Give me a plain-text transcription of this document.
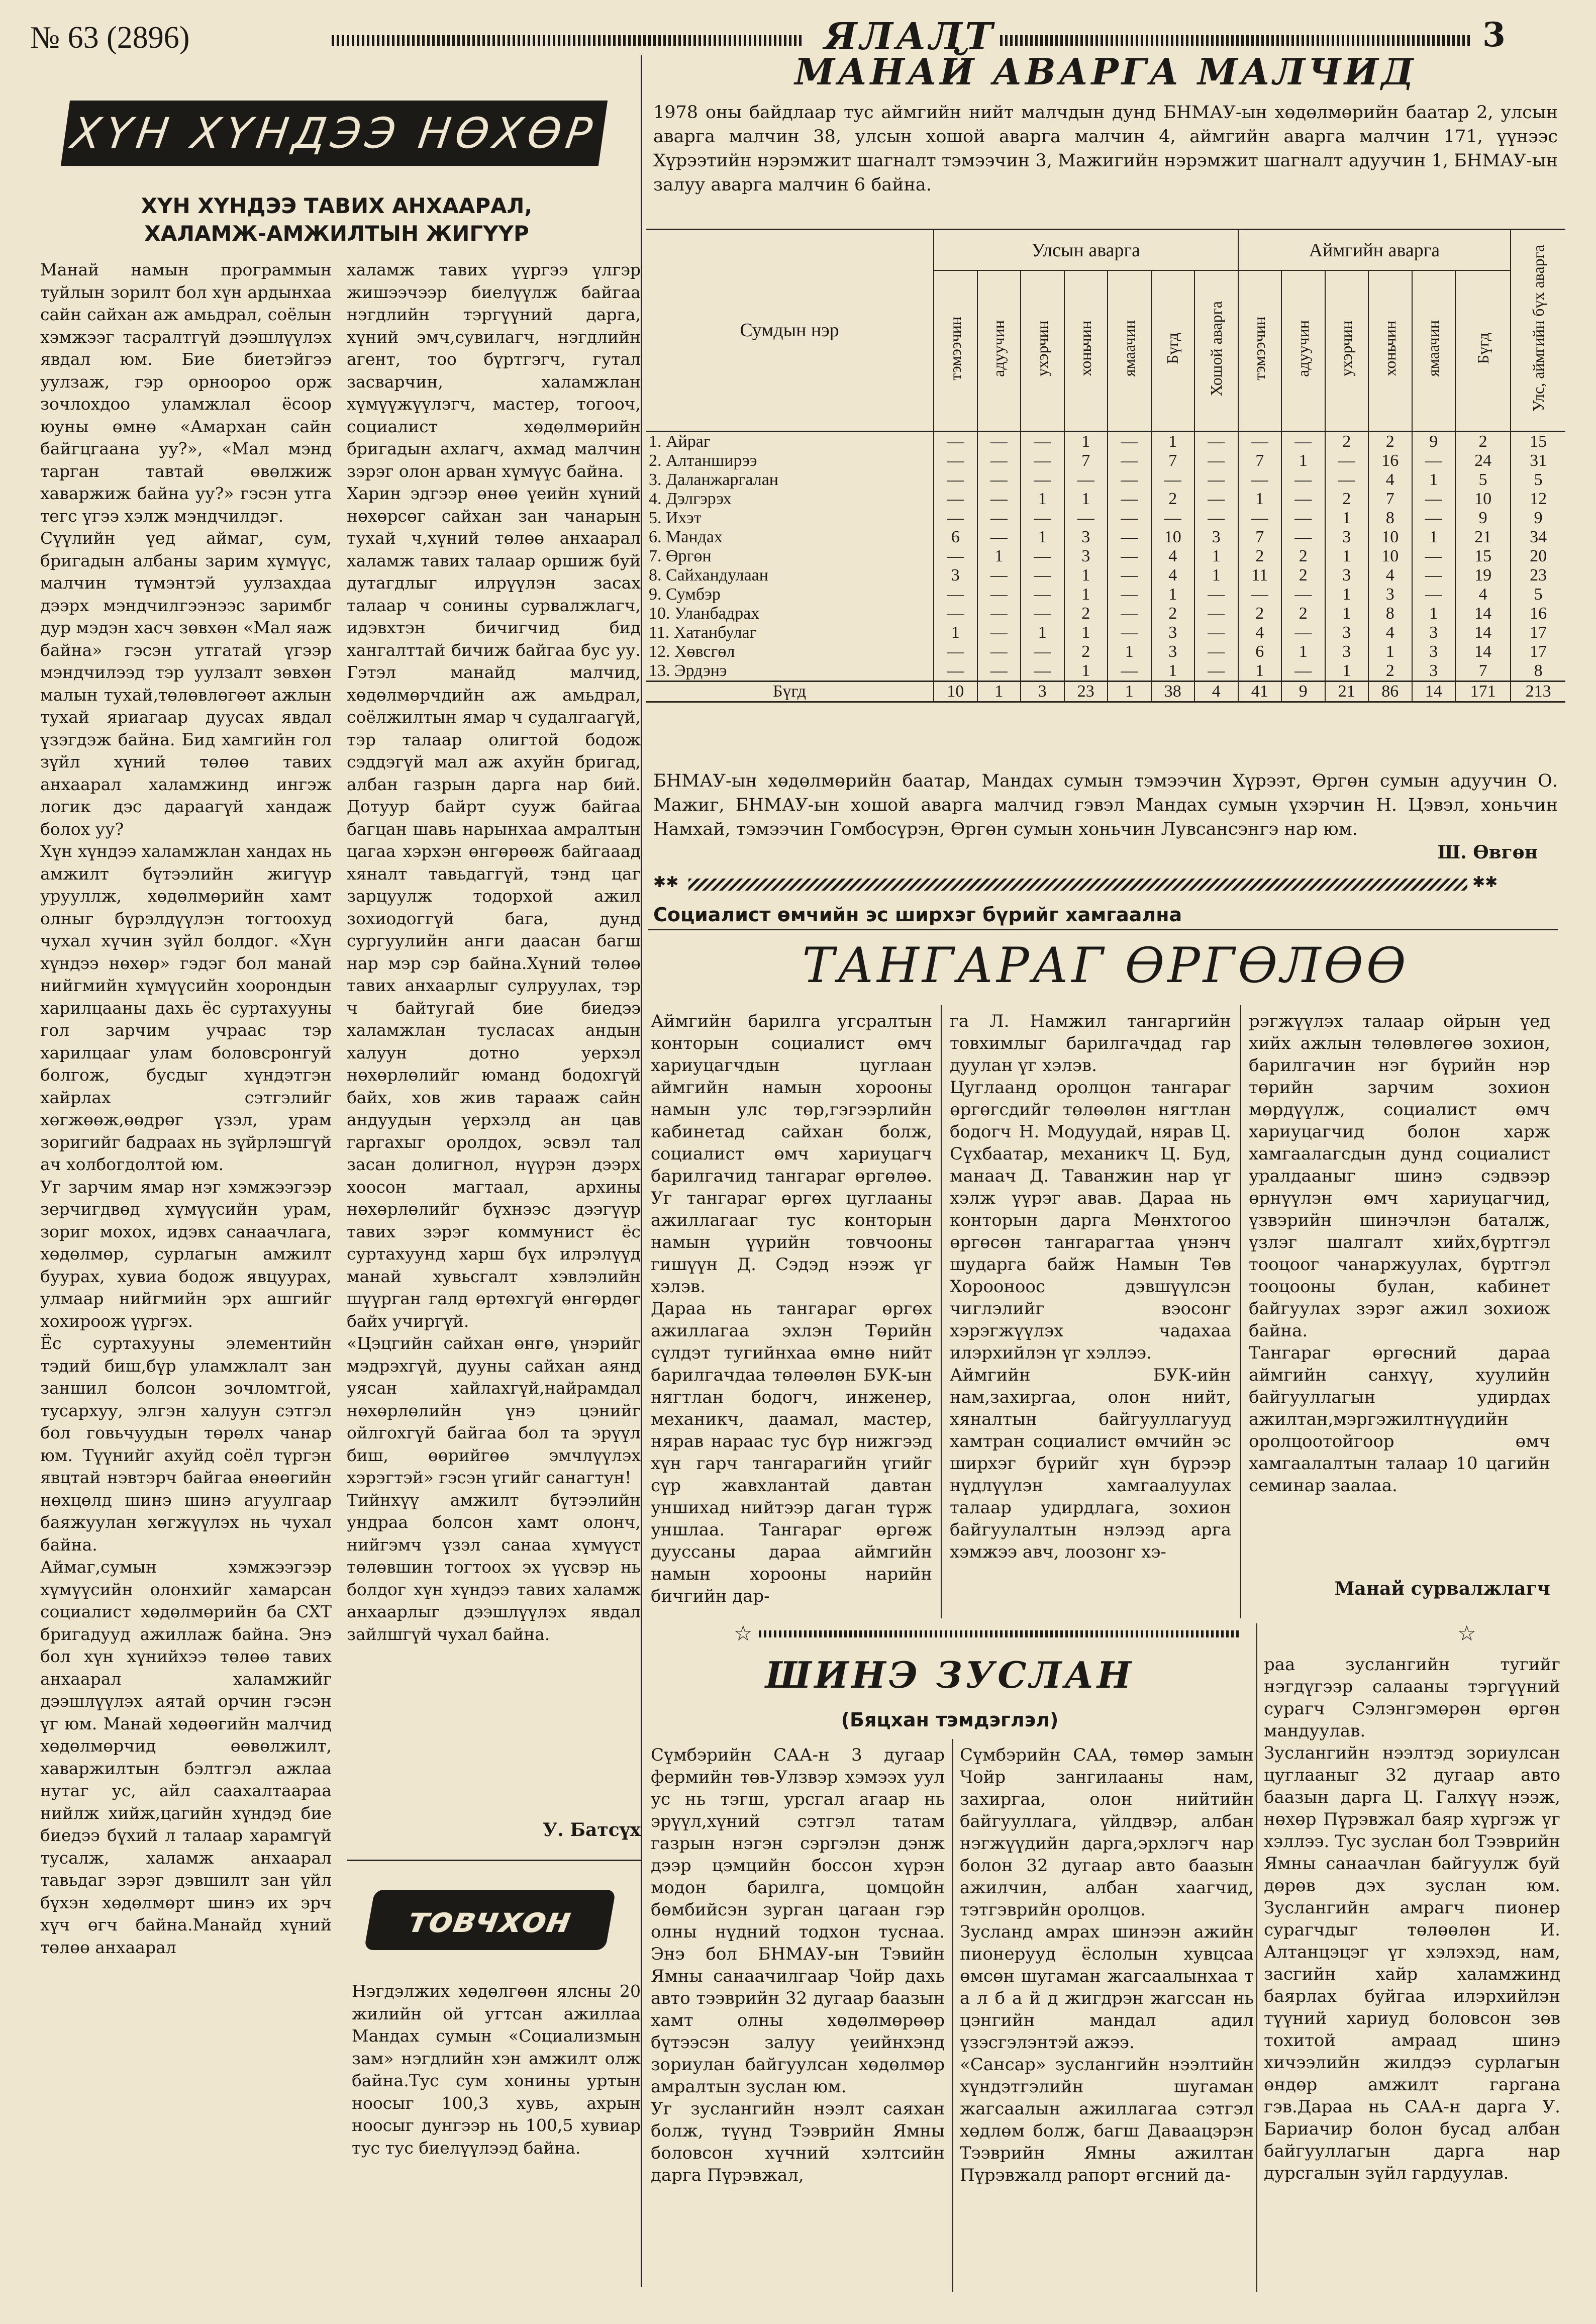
№ 63 (2896)	ЯЛАЛТ	3
ХҮН ХҮНДЭЭ НӨХӨР
ХҮН ХҮНДЭЭ ТАВИХ АНХААРАЛ,
ХАЛАМЖ-АМЖИЛТЫН ЖИГҮҮР
Манай намын программын туйлын зорилт бол хүн ардынхаа сайн сайхан аж амьдрал, соёлын хэмжээг тасралтгүй дээшлүүлэх явдал юм. Бие биетэйгээ уулзаж, гэр орноороо орж зочлохдоо уламжлал ёсоор юуны өмнө «Амархан сайн байгцгаана уу?», «Мал мэнд тарган тавтай өвөлжиж хаваржиж байна уу?» гэсэн утга тегс үгээ хэлж мэндчилдэг.
Сүүлийн үед аймаг, сум, бригадын албаны зарим хүмүүс, малчин түмэнтэй уулзахдаа дээрх мэндчилгээнээс заримбг дур мэдэн хасч зөвхөн «Мал яаж байна» гэсэн утгатай үгээр мэндчилээд тэр уулзалт зөвхөн малын тухай,төлөвлөгөөт ажлын тухай яриагаар дуусах явдал үзэгдэж байна. Бид хамгийн гол зүйл хүний төлөө тавих анхаарал халамжинд ингэж логик дэс дараагүй хандаж болох уу?
Хүн хүндээ халамжлан хандах нь амжилт бүтээлийн жигүүр урууллж, хөдөлмөрийн хамт олныг бүрэлдүүлэн тогтоохуд чухал хүчин зүйл болдог. «Хүн хүндээ нөхөр» гэдэг бол манай нийгмийн хүмүүсийн хоорондын харилцааны дахь ёс суртахууны гол зарчим учраас тэр харилцааг улам боловсронгуй болгож, бусдыг хүндэтгэн хайрлах сэтгэлийг хөгжөөж,өөдрөг үзэл, урам зоригийг бадраах нь зүйрлэшгүй ач холбогдолтой юм.
Уг зарчим ямар нэг хэмжээгээр зерчигдвөд хүмүүсийн урам, зориг мохох, идэвх санаачлага, хөдөлмөр, сурлагын амжилт буурах, хувиа бодож явцуурах, улмаар нийгмийн эрх ашгийг хохироож үүргэх.
Ёс суртахууны элементийн тэдий биш,бүр уламжлалт зан заншил болсон зочломтгой, тусархуу, элгэн халуун сэтгэл бол говьчуудын төрөлх чанар юм. Түүнийг ахуйд соёл түргэн явцтай нэвтэрч байгаа өнөөгийн нөхцөлд шинэ шинэ агуулгаар баяжуулан хөгжүүлэх нь чухал байна.
Аймаг,сумын хэмжээгээр хүмүүсийн олонхийг хамарсан социалист хөдөлмөрийн ба СХТ бригадууд ажиллаж байна. Энэ бол хүн хүнийхээ төлөө тавих анхаарал халамжийг дээшлүүлэх аятай орчин гэсэн үг юм. Манай хөдөөгийн малчид хөдөлмөрчид өөвөлжилт, хаваржилтын бэлтгэл ажлаа нутаг ус, айл саахалтаараа нийлж хийж,цагийн хүндэд бие биедээ бүхий л талаар харамгүй тусалж, халамж анхаарал тавьдаг зэрэг дэвшилт зан үйл бүхэн хөдөлмөрт шинэ их эрч хүч өгч байна.Манайд хүний төлөө анхаарал
халамж тавих үүргээ үлгэр жишээчээр биелүүлж байгаа нэгдлийн тэргүүний дарга, хүний эмч,сувилагч, нэгдлийн агент, тоо бүртгэгч, гутал засварчин, халамжлан хүмүүжүүлэгч, мастер, тогооч, социалист хөдөлмөрийн бригадын ахлагч, ахмад малчин зэрэг олон арван хүмүүс байна.
Харин эдгээр өнөө үеийн хүний нөхөрсөг сайхан зан чанарын тухай ч,хүний төлөө анхаарал халамж тавих талаар оршиж буй дутагдлыг илрүүлэн засах талаар ч сонины сурвалжлагч, идэвхтэн бичигчид бид хангалттай бичиж байгаа бус уу. Гэтэл манайд малчид, хөдөлмөрчдийн аж амьдрал, соёлжилтын ямар ч судалгаагүй, тэр талаар олигтой бодож сэддэгүй мал аж ахуйн бригад, албан газрын дарга нар бий. Дотуур байрт сууж байгаа багцан шавь нарынхаа амралтын цагаа хэрхэн өнгөрөөж байгааад хяналт тавьдаггүй, тэнд цаг зарцуулж тодорхой ажил зохиодоггүй бага, дунд сургуулийн анги даасан багш нар мэр сэр байна.Хүний төлөө тавих анхаарлыг сулруулах, тэр ч байтугай бие биедээ халамжлан тусласах андын халуун дотно уерхэл нөхөрлөлийг юманд бодохгүй байх, хов жив тарааж сайн андуудын үерхэлд ан цав гаргахыг оролдох, эсвэл тал засан долигнол, нүүрэн дээрх хоосон магтаал, архины нөхөрлөлийг бүхнээс дээгүүр тавих зэрэг коммунист ёс суртахуунд харш бүх илрэлүүд манай хувьсгалт хэвлэлийн шүүрган галд өртөхгүй өнгөрдөг байх учиргүй.
«Цэцгийн сайхан өнгө, үнэрийг мэдрэхгүй, дууны сайхан аянд уясан хайлахгүй,найрамдал нөхөрлөлийн үнэ цэнийг ойлгохгүй байгаа бол та эрүүл биш, өөрийгөө эмчлүүлэх хэрэгтэй» гэсэн үгийг санагтун!
Тийнхүү амжилт бүтээлийн ундраа болсон хамт олонч, нийгэмч үзэл санаа хүмүүст төлөвшин тогтоох эх үүсвэр нь болдог хүн хүндээ тавих халамж анхаарлыг дээшлүүлэх явдал зайлшгүй чухал байна.
У. Батсүх
товчхон
Нэгдэлжих хөдөлгөөн ялсны 20 жилийн ой угтсан ажиллаа Мандах сумын «Социализмын зам» нэгдлийн хэн амжилт олж байна.Тус сум хонины уртын ноосыг 100,3 хувь, ахрын ноосыг дунгээр нь 100,5 хувиар тус тус биелүүлээд байна.
МАНАЙ АВАРГА МАЛЧИД
1978 оны байдлаар тус аймгийн нийт малчдын дунд БНМАУ-ын хөдөлмөрийн баатар 2, улсын аварга малчин 38, улсын хошой аварга малчин 4, аймгийн аварга малчин 171, үүнээс Хүрээтийн нэрэмжит шагналт тэмээчин 3, Мажигийн нэрэмжит шагналт адуучин 1, БНМАУ-ын залуу аварга малчин 6 байна.
Сумдын нэр	Улсын аварга							Аймгийн аварга						Улс, аймгийн бүх аварга
	тэмээчин	адуучин	ухэрчин	хоньчин	ямаачин	Бүгд	Хошой аварга	тэмээчин	адуучин	ухэрчин	хоньчин	ямаачин	Бүгд	
1. Айраг	—	—	—	1	—	1	—	—	—	2	2	9	2	15
2. Алтанширээ	—	—	—	7	—	7	—	7	1	—	16	—	24	31
3. Даланжаргалан	—	—	—	—	—	—	—	—	—	—	4	1	5	5
4. Дэлгэрэх	—	—	1	1	—	2	—	1	—	2	7	—	10	12
5. Ихэт	—	—	—	—	—	—	—	—	—	1	8	—	9	9
6. Мандах	6	—	1	3	—	10	3	7	—	3	10	1	21	34
7. Өргөн	—	1	—	3	—	4	1	2	2	1	10	—	15	20
8. Сайхандулаан	3	—	—	1	—	4	1	11	2	3	4	—	19	23
9. Сумбэр	—	—	—	1	—	1	—	—	—	1	3	—	4	5
10. Уланбадрах	—	—	—	2	—	2	—	2	2	1	8	1	14	16
11. Хатанбулаг	1	—	1	1	—	3	—	4	—	3	4	3	14	17
12. Хөвсгөл	—	—	—	2	1	3	—	6	1	3	1	3	14	17
13. Эрдэнэ	—	—	—	1	—	1	—	1	—	1	2	3	7	8
Бүгд	10	1	3	23	1	38	4	41	9	21	86	14	171	213
БНМАУ-ын хөдөлмөрийн баатар, Мандах сумын тэмээчин Хүрээт, Өргөн сумын адуучин О. Мажиг, БНМАУ-ын хошой аварга малчид гэвэл Мандах сумын үхэрчин Н. Цэвэл, хоньчин Намхай, тэмээчин Гомбосүрэн, Өргөн сумын хоньчин Лувсансэнгэ нар юм.
Ш. Өвгөн
✱✱	✱✱
Социалист өмчийн эс ширхэг бүрийг хамгаална
ТАНГАРАГ ӨРГӨЛӨӨ
Аймгийн барилга угсралтын конторын социалист өмч хариуцагчдын цуглаан аймгийн намын хорооны намын улс төр,гэгээрлийн кабинетад сайхан болж, социалист өмч хариуцагч барилгачид тангараг өргөлөө. Уг тангараг өргөх цуглааны ажиллагааг тус конторын намын үүрийн товчооны гишүүн Д. Сэдэд нээж үг хэлэв.
Дараа нь тангараг өргөх ажиллагаа эхлэн Төрийн сүлдэт тугийнхаа өмнө нийт барилгачдаа төлөөлөн БУК-ын нягтлан бодогч, инженер, механикч, даамал, мастер, нярав нараас тус бүр нижгээд хүн гарч тангарагийн үгийг сүр жавхлантай давтан уншихад нийтээр даган түрж уншлаа. Тангараг өргөж дууссаны дараа аймгийн намын хорооны нарийн бичгийн дар-
га Л. Намжил тангаргийн товхимлыг барилгачдад гар дуулан үг хэлэв.
Цуглаанд оролцон тангараг өргөгсдийг төлөөлөн нягтлан бодогч Н. Модуудай, нярав Ц. Сүхбаатар, механикч Ц. Буд, манаач Д. Таванжин нар үг хэлж үүрэг авав. Дараа нь конторын дарга Мөнхтогоо өргөсөн тангарагтаа үнэнч шударга байж Намын Төв Хорооноос дэвшүүлсэн чиглэлийг вэосонг хэрэгжүүлэх чадахаа илэрхийлэн үг хэллээ.
Аймгийн БУК-ийн нам,захиргаа, олон нийт, хяналтын байгууллагууд хамтран социалист өмчийн эс ширхэг бүрийг хүн бүрээр нүдлүүлэн хамгаалуулах талаар удирдлага, зохион байгуулалтын нэлээд арга хэмжээ авч, лоозонг хэ-
рэгжүүлэх талаар ойрын үед хийх ажлын төлөвлөгөө зохион, барилгачин нэг бүрийн нэр төрийн зарчим зохион мөрдүүлж, социалист өмч хариуцагчид болон харж хамгаалагсдын дунд социалист уралдааныг шинэ сэдвээр өрнүүлэн өмч хариуцагчид, үзвэрийн шинэчлэн баталж, үзлэг шалгалт хийх,бүртгэл тооцоог чанаржуулах, бүртгэл тооцооны булан, кабинет байгуулах зэрэг ажил зохиож байна.
Тангараг өргөсний дараа аймгийн санхүү, хуулийн байгууллагын удирдах ажилтан,мэргэжилтнүүдийн оролцоотойгоор өмч хамгаалалтын талаар 10 цагийн семинар заалаа.
Манай сурвалжлагч
☆	☆
ШИНЭ ЗУСЛАН
(Бяцхан тэмдэглэл)
Сүмбэрийн САА-н 3 дугаар фермийн төв-Улзвэр хэмээх уул ус нь тэгш, урсгал агаар нь эрүүл,хүний сэтгэл татам газрын нэгэн сэргэлэн дэнж дээр цэмцийн боссон хүрэн модон барилга, цомцойн бөмбийсэн зурган цагаан гэр олны нүдний тодхон туснаа. Энэ бол БНМАУ-ын Тэвийн Ямны санаачилгаар Чойр дахь авто тээврийн 32 дугаар баазын хамт олны хөдөлмөрөөр бүтээсэн залуу үеийнхэнд зориулан байгуулсан хөдөлмөр амралтын зуслан юм.
Уг зуслангийн нээлт саяхан болж, түүнд Тээврийн Ямны боловсон хүчний хэлтсийн дарга Пүрэвжал,
Сүмбэрийн САА, төмөр замын Чойр зангилааны нам, захиргаа, олон нийтийн байгууллага, үйлдвэр, албан нэгжүүдийн дарга,эрхлэгч нар болон 32 дугаар авто баазын ажилчин, албан хаагчид, тэтгэврийн оролцов.
Зусланд амрах шинээн ажийн пионерууд ёслолын хувцсаа өмсөн шугаман жагсаалынхаа т а л б а й д жигдрэн жагссан нь цэнгийн мандал адил үзэсгэлэнтэй ажээ.
«Сансар» зуслангийн нээлтийн хүндэтгэлийн шугаман жагсаалын ажиллагаа сэтгэл хөдлөм болж, багш Даваацэрэн Тээврийн Ямны ажилтан Пүрэвжалд рапорт өгсний да-
раа зуслангийн тугийг нэгдүгээр салааны тэргүүний сурагч Сэлэнгэмөрөн өргөн мандуулав.
Зуслангийн нээлтэд зориулсан цуглааныг 32 дугаар авто баазын дарга Ц. Галхүү нээж, нөхөр Пүрэвжал баяр хүргэж үг хэллээ. Тус зуслан бол Тээврийн Ямны санаачлан байгуулж буй дөрөв дэх зуслан юм. Зуслангийн амрагч пионер сурагчдыг төлөөлөн И. Алтанцэцэг үг хэлэхэд, нам, засгийн хайр халамжинд баярлах буйгаа илэрхийлэн түүний хариуд боловсон зөв тохитой амраад шинэ хичээлийн жилдээ сурлагын өндөр амжилт гаргана гэв.Дараа нь САА-н дарга У. Бариачир болон бусад албан байгууллагын дарга нар дурсгалын зүйл гардуулав.
